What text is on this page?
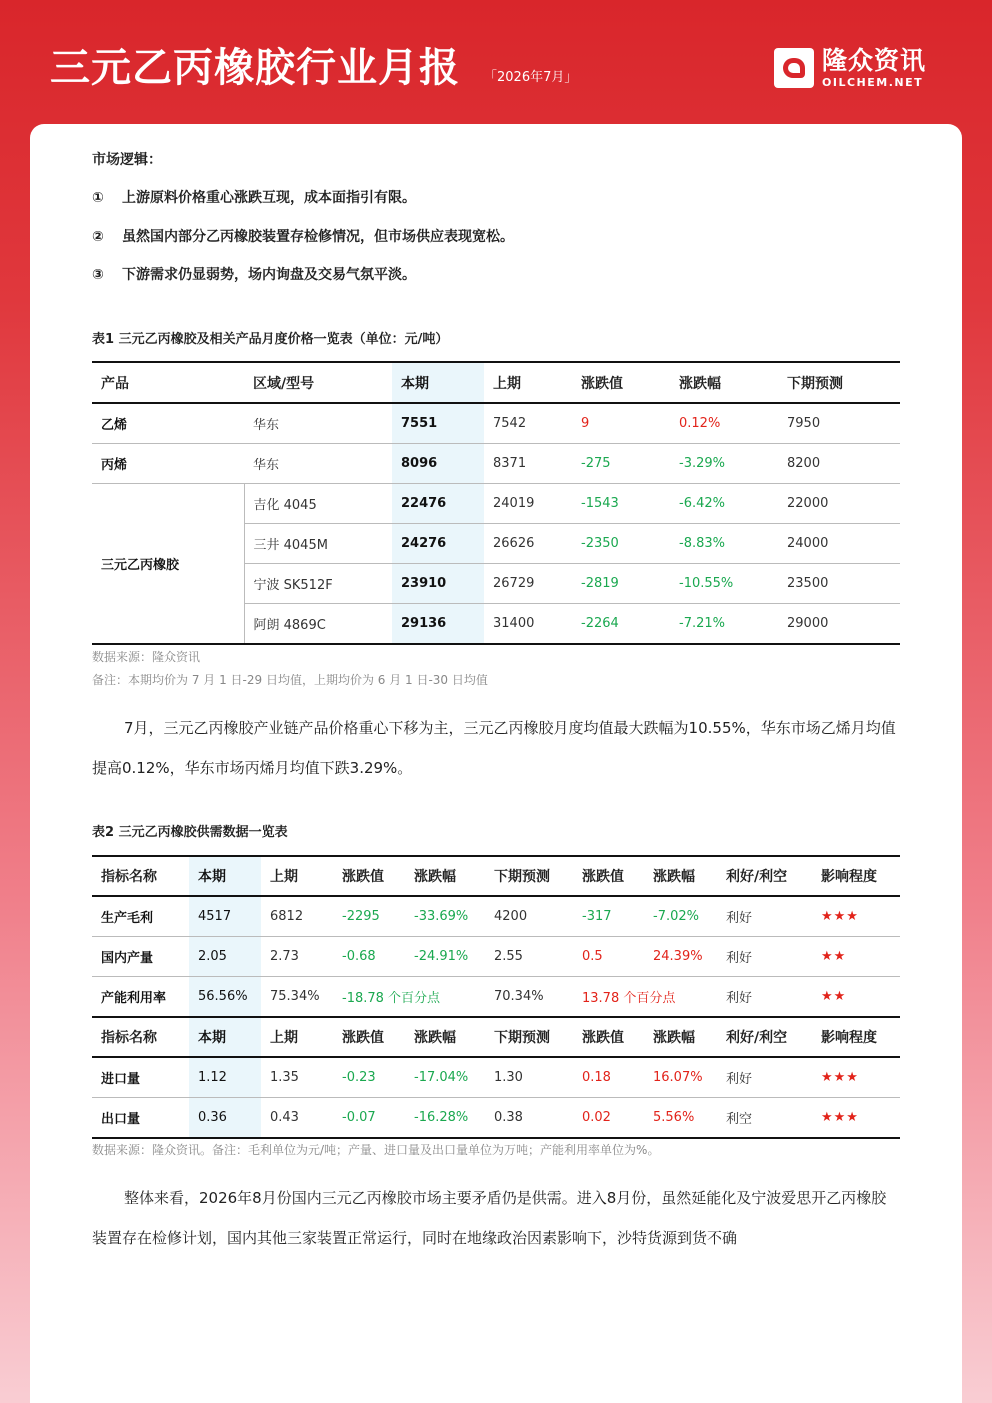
三元乙丙橡胶行业月报 「2026年7月」
隆众资讯
OILCHEM.NET
市场逻辑：
① 上游原料价格重心涨跌互现，成本面指引有限。
② 虽然国内部分乙丙橡胶装置存检修情况，但市场供应表现宽松。
③ 下游需求仍显弱势，场内询盘及交易气氛平淡。
表1 三元乙丙橡胶及相关产品月度价格一览表（单位：元/吨）
产品	区域/型号	本期	上期	涨跌值	涨跌幅	下期预测
乙烯	华东	7551	7542	9	0.12%	7950
丙烯	华东	8096	8371	-275	-3.29%	8200
三元乙丙橡胶	吉化 4045	22476	24019	-1543	-6.42%	22000
	三井 4045M	24276	26626	-2350	-8.83%	24000
	宁波 SK512F	23910	26729	-2819	-10.55%	23500
	阿朗 4869C	29136	31400	-2264	-7.21%	29000
数据来源：隆众资讯
备注：本期均价为 7 月 1 日-29 日均值，上期均价为 6 月 1 日-30 日均值
7月，三元乙丙橡胶产业链产品价格重心下移为主，三元乙丙橡胶月度均值最大跌幅为10.55%，华东市场乙烯月均值提高0.12%，华东市场丙烯月均值下跌3.29%。
表2 三元乙丙橡胶供需数据一览表
指标名称	本期	上期	涨跌值	涨跌幅	下期预测	涨跌值	涨跌幅	利好/利空	影响程度
生产毛利	4517	6812	-2295	-33.69%	4200	-317	-7.02%	利好	★★★
国内产量	2.05	2.73	-0.68	-24.91%	2.55	0.5	24.39%	利好	★★
产能利用率	56.56%	75.34%	-18.78 个百分点		70.34%	13.78 个百分点		利好	★★
指标名称	本期	上期	涨跌值	涨跌幅	下期预测	涨跌值	涨跌幅	利好/利空	影响程度
进口量	1.12	1.35	-0.23	-17.04%	1.30	0.18	16.07%	利好	★★★
出口量	0.36	0.43	-0.07	-16.28%	0.38	0.02	5.56%	利空	★★★
数据来源：隆众资讯。备注：毛利单位为元/吨；产量、进口量及出口量单位为万吨；产能利用率单位为%。
整体来看，2026年8月份国内三元乙丙橡胶市场主要矛盾仍是供需。进入8月份，虽然延能化及宁波爱思开乙丙橡胶装置存在检修计划，国内其他三家装置正常运行，同时在地缘政治因素影响下，沙特货源到货不确
